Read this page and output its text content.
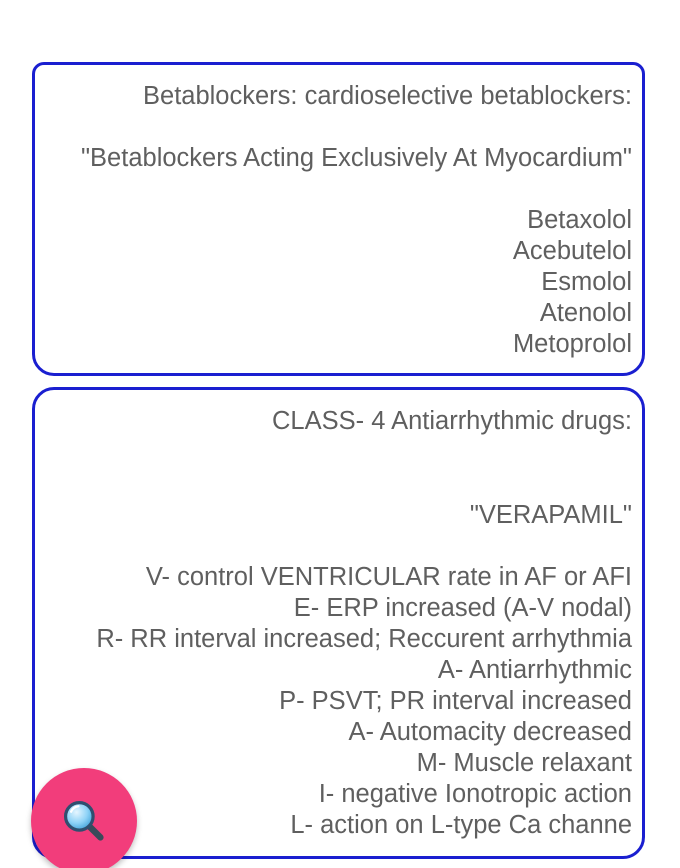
Betablockers: cardioselective betablockers:
"Betablockers Acting Exclusively At Myocardium"
Betaxolol
Acebutelol
Esmolol
Atenolol
Metoprolol
CLASS- 4 Antiarrhythmic drugs:
"VERAPAMIL"
V- control VENTRICULAR rate in AF or AFI
E- ERP increased (A-V nodal)
R- RR interval increased; Reccurent arrhythmia
A- Antiarrhythmic
P- PSVT; PR interval increased
A- Automacity decreased
M- Muscle relaxant
I- negative Ionotropic action
L- action on L-type Ca channe
